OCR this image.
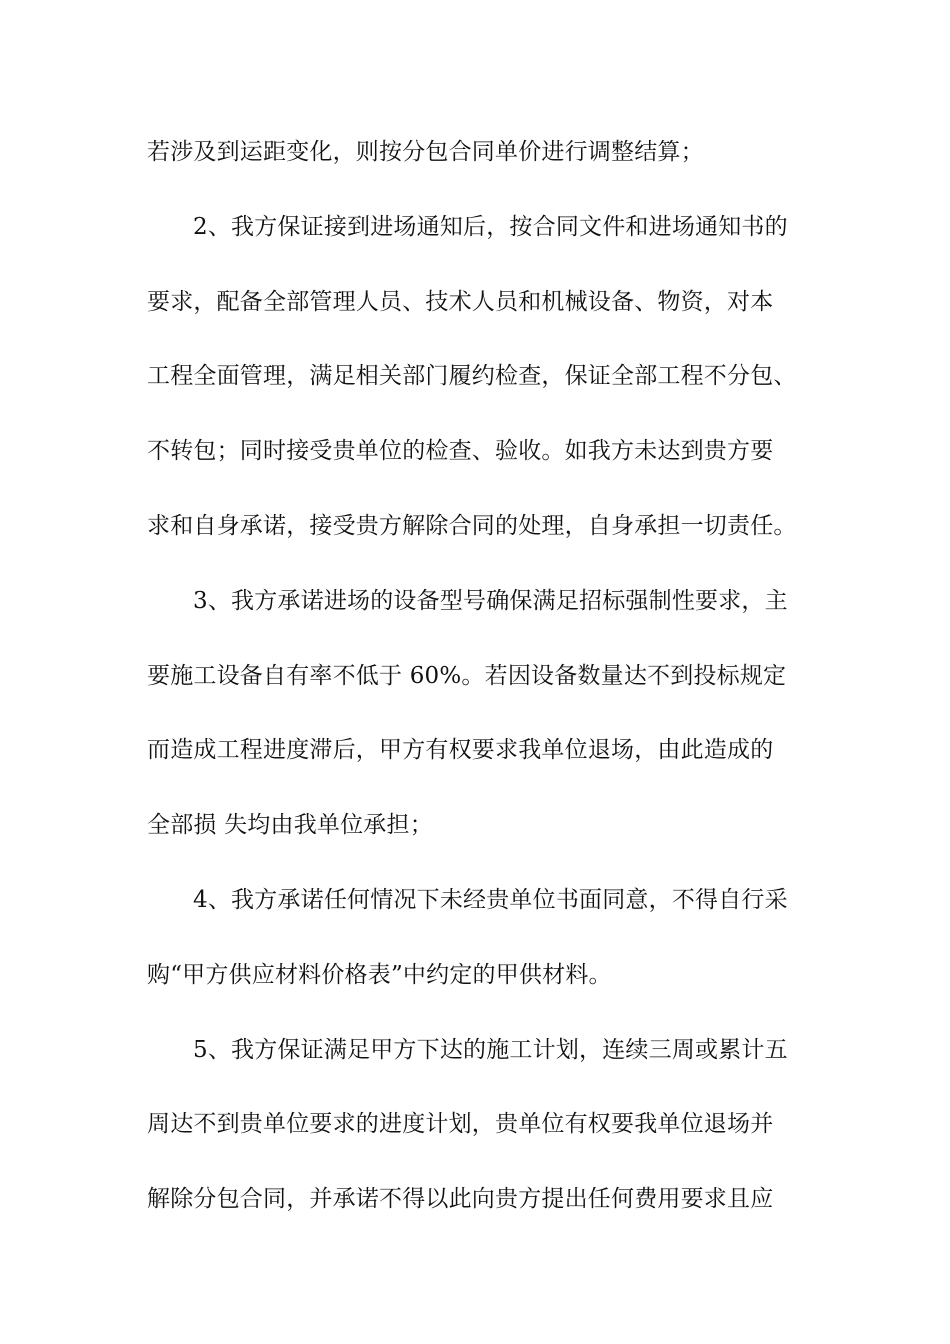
若涉及到运距变化，则按分包合同单价进行调整结算；
2、我方保证接到进场通知后，按合同文件和进场通知书的
要求，配备全部管理人员、技术人员和机械设备、物资，对本
工程全面管理，满足相关部门履约检查，保证全部工程不分包、
不转包；同时接受贵单位的检查、验收。如我方未达到贵方要
求和自身承诺，接受贵方解除合同的处理，自身承担一切责任。
3、我方承诺进场的设备型号确保满足招标强制性要求，主
要施工设备自有率不低于 60%。若因设备数量达不到投标规定
而造成工程进度滞后，甲方有权要求我单位退场，由此造成的
全部损 失均由我单位承担；
4、我方承诺任何情况下未经贵单位书面同意，不得自行采
购“甲方供应材料价格表”中约定的甲供材料。
5、我方保证满足甲方下达的施工计划，连续三周或累计五
周达不到贵单位要求的进度计划，贵单位有权要我单位退场并
解除分包合同，并承诺不得以此向贵方提出任何费用要求且应
